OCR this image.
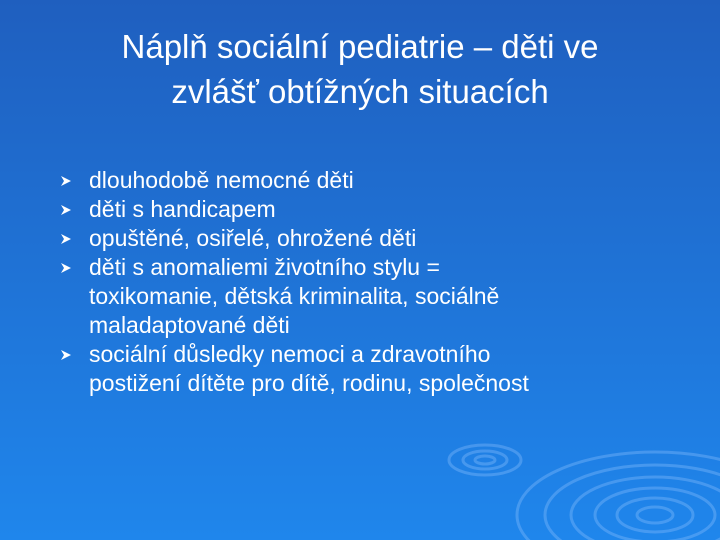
Náplň sociální pediatrie – děti ve
zvlášť obtížných situacích
dlouhodobě nemocné děti
děti s handicapem
opuštěné, osiřelé, ohrožené děti
děti s anomaliemi životního stylu =
toxikomanie, dětská kriminalita, sociálně
maladaptované děti
sociální důsledky nemoci a zdravotního
postižení dítěte pro dítě, rodinu, společnost
